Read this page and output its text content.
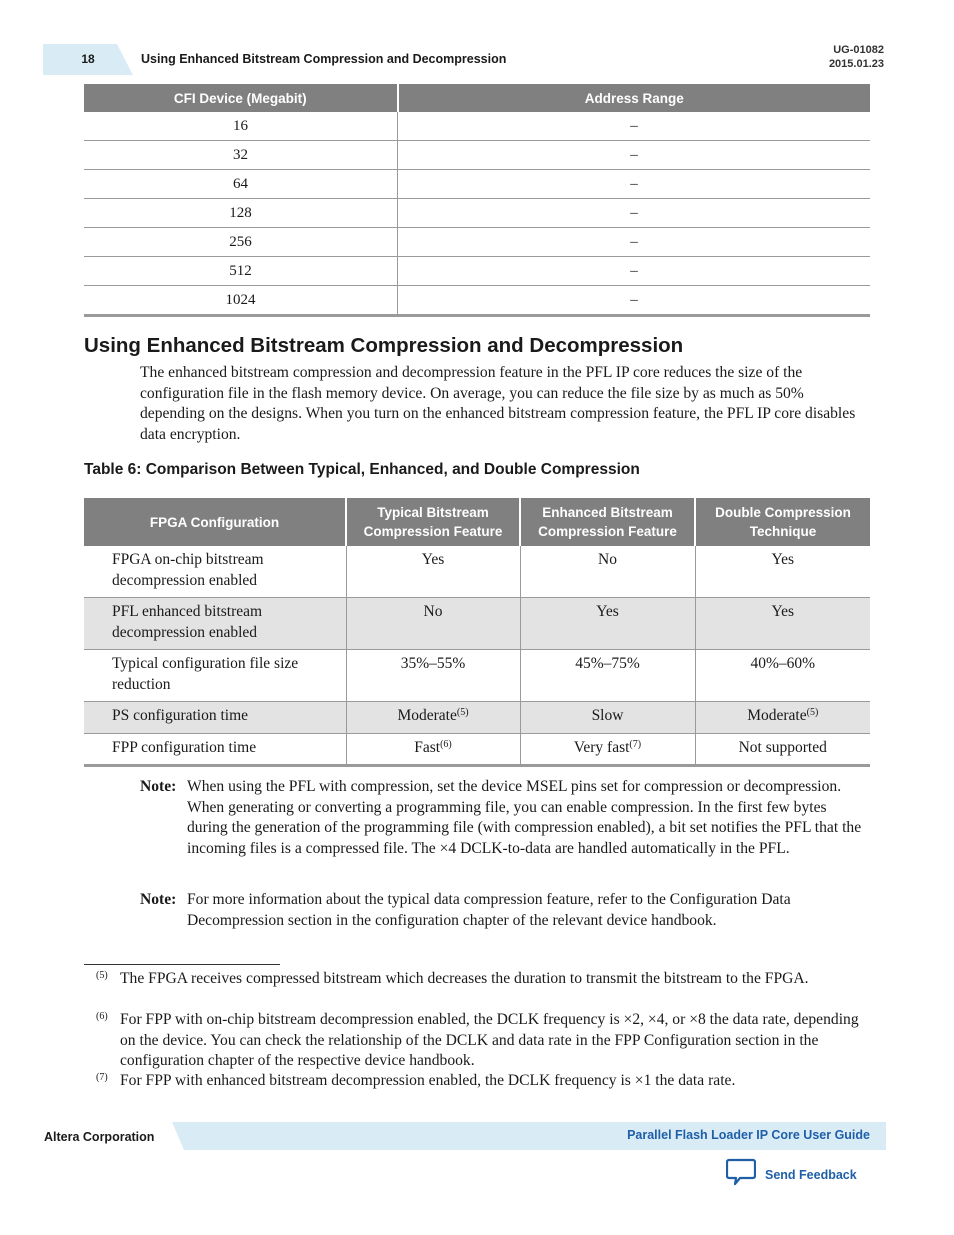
18	Using Enhanced Bitstream Compression and Decompression
UG-01082
2015.01.23
CFI Device (Megabit)	Address Range
16	–
32	–
64	–
128	–
256	–
512	–
1024	–
Using Enhanced Bitstream Compression and Decompression
The enhanced bitstream compression and decompression feature in the PFL IP core reduces the size of the configuration file in the flash memory device. On average, you can reduce the file size by as much as 50% depending on the designs. When you turn on the enhanced bitstream compression feature, the PFL IP core disables data encryption.
Table 6: Comparison Between Typical, Enhanced, and Double Compression
FPGA Configuration	Typical Bitstream Compression Feature	Enhanced Bitstream Compression Feature	Double Compression Technique
FPGA on-chip bitstream decompression enabled	Yes	No	Yes
PFL enhanced bitstream decompression enabled	No	Yes	Yes
Typical configuration file size reduction	35%–55%	45%–75%	40%–60%
PS configuration time	Moderate$^{(5)}$	Slow	Moderate$^{(5)}$
FPP configuration time	Fast$^{(6)}$	Very fast$^{(7)}$	Not supported
Note: When using the PFL with compression, set the device MSEL pins set for compression or decompression. When generating or converting a programming file, you can enable compression. In the first few bytes during the generation of the programming file (with compression enabled), a bit set notifies the PFL that the incoming files is a compressed file. The ×4 DCLK-to-data are handled automatically in the PFL.
Note: For more information about the typical data compression feature, refer to the Configuration Data Decompression section in the configuration chapter of the relevant device handbook.
(5) The FPGA receives compressed bitstream which decreases the duration to transmit the bitstream to the FPGA.
(6) For FPP with on-chip bitstream decompression enabled, the DCLK frequency is ×2, ×4, or ×8 the data rate, depending on the device. You can check the relationship of the DCLK and data rate in the FPP Configuration section in the configuration chapter of the respective device handbook.
(7) For FPP with enhanced bitstream decompression enabled, the DCLK frequency is ×1 the data rate.
Altera Corporation	Parallel Flash Loader IP Core User Guide
Send Feedback
